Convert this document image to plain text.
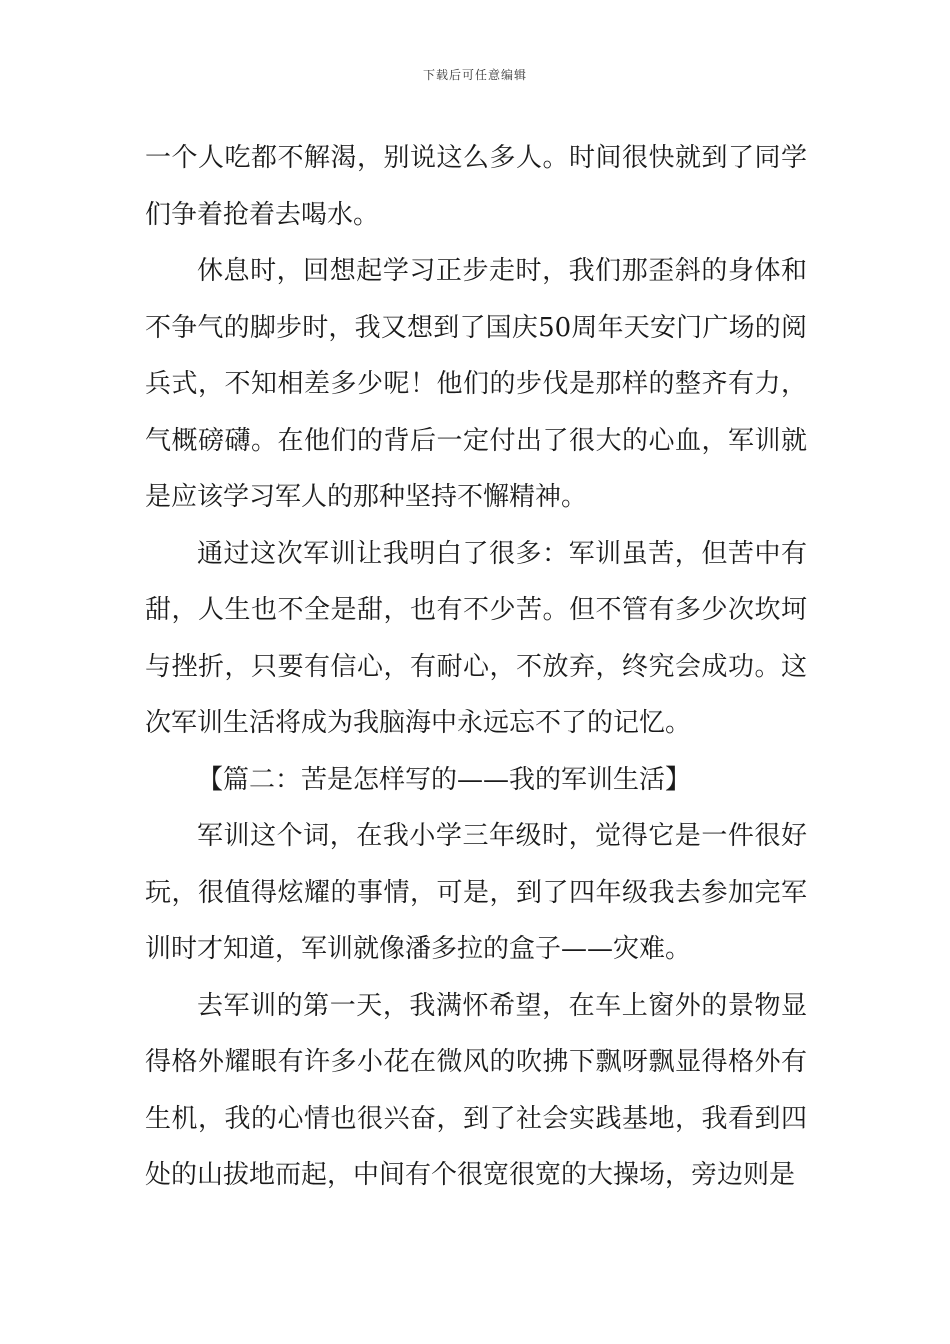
下载后可任意编辑

一个人吃都不解渴，别说这么多人。时间很快就到了同学们争着抢着去喝水。

休息时，回想起学习正步走时，我们那歪斜的身体和不争气的脚步时，我又想到了国庆50周年天安门广场的阅兵式，不知相差多少呢！他们的步伐是那样的整齐有力，气概磅礴。在他们的背后一定付出了很大的心血，军训就是应该学习军人的那种坚持不懈精神。

通过这次军训让我明白了很多：军训虽苦，但苦中有甜，人生也不全是甜，也有不少苦。但不管有多少次坎坷与挫折，只要有信心，有耐心，不放弃，终究会成功。这次军训生活将成为我脑海中永远忘不了的记忆。

【篇二：苦是怎样写的——我的军训生活】

军训这个词，在我小学三年级时，觉得它是一件很好玩，很值得炫耀的事情，可是，到了四年级我去参加完军训时才知道，军训就像潘多拉的盒子——灾难。

去军训的第一天，我满怀希望，在车上窗外的景物显得格外耀眼有许多小花在微风的吹拂下飘呀飘显得格外有生机，我的心情也很兴奋，到了社会实践基地，我看到四处的山拔地而起，中间有个很宽很宽的大操场，旁边则是
